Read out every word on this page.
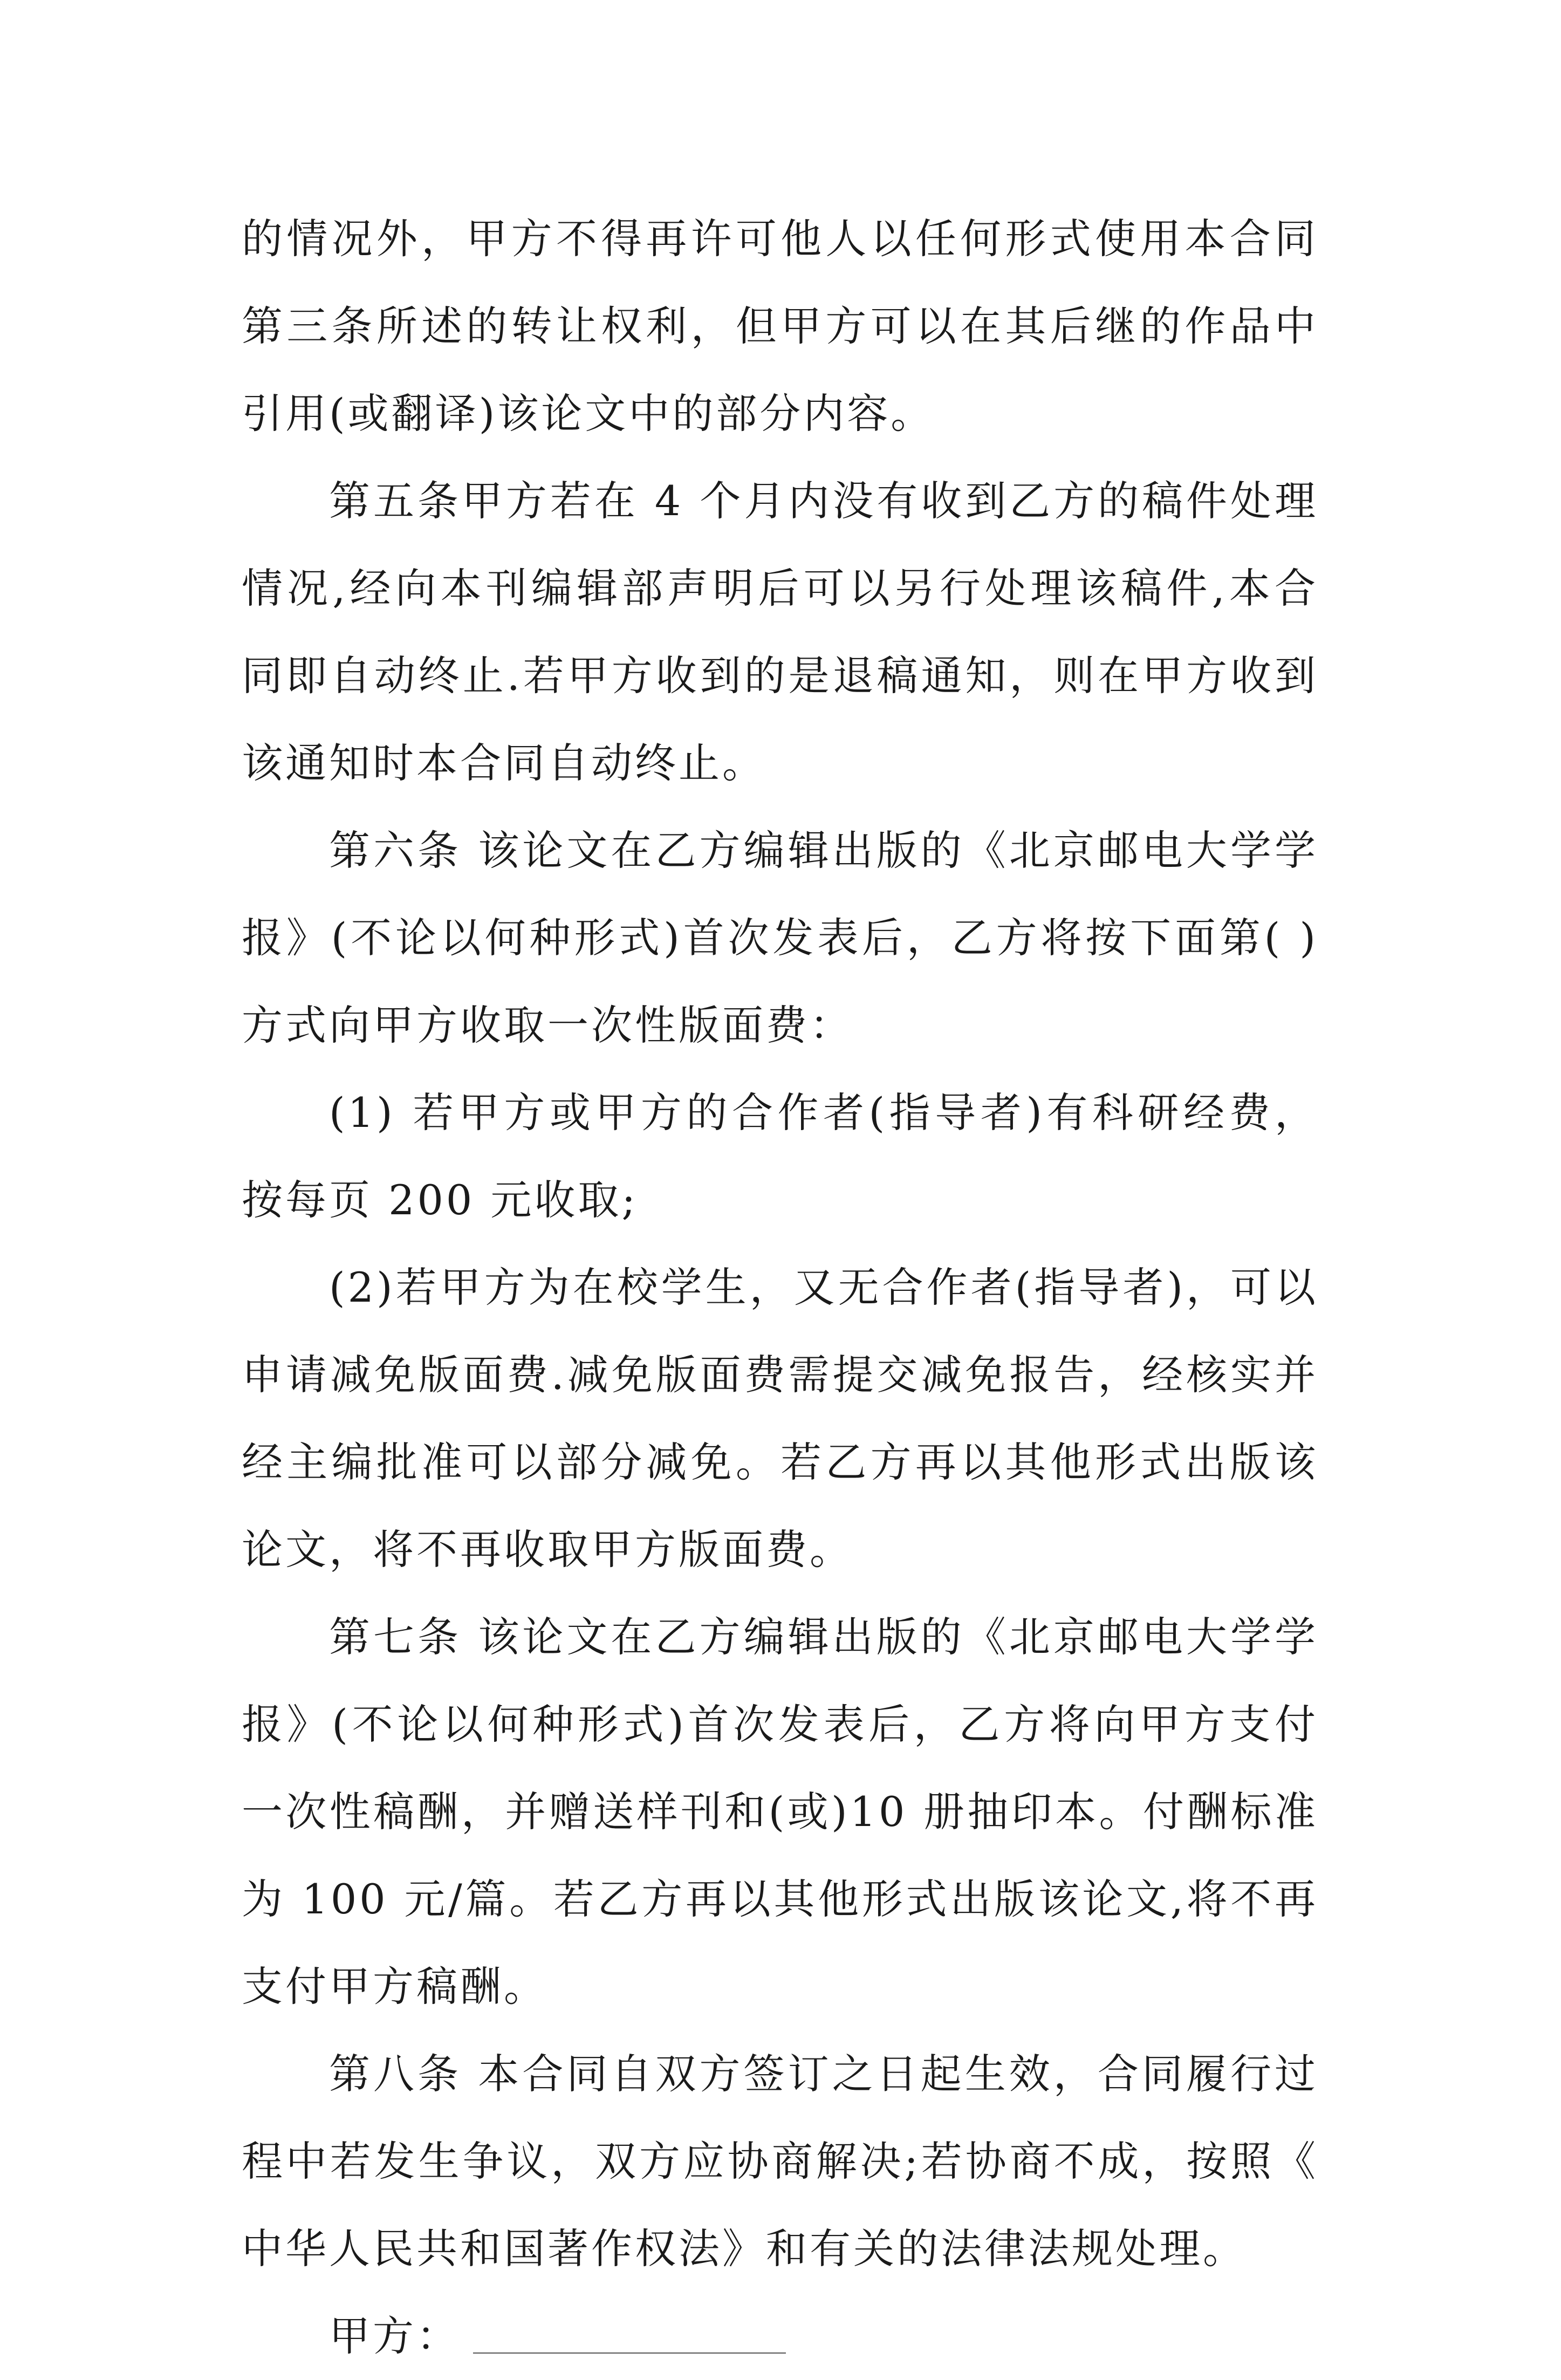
的情况外，甲方不得再许可他人以任何形式使用本合同第三条所述的转让权利，但甲方可以在其后继的作品中引用(或翻译)该论文中的部分内容。

第五条甲方若在 4 个月内没有收到乙方的稿件处理情况,经向本刊编辑部声明后可以另行处理该稿件,本合同即自动终止.若甲方收到的是退稿通知，则在甲方收到该通知时本合同自动终止。

第六条 该论文在乙方编辑出版的《北京邮电大学学报》(不论以何种形式)首次发表后，乙方将按下面第( )方式向甲方收取一次性版面费：

(1) 若甲方或甲方的合作者(指导者)有科研经费，按每页 200 元收取;

(2)若甲方为在校学生，又无合作者(指导者)，可以申请减免版面费.减免版面费需提交减免报告，经核实并经主编批准可以部分减免。若乙方再以其他形式出版该论文，将不再收取甲方版面费。

第七条 该论文在乙方编辑出版的《北京邮电大学学报》(不论以何种形式)首次发表后，乙方将向甲方支付一次性稿酬，并赠送样刊和(或)10 册抽印本。付酬标准为 100 元/篇。若乙方再以其他形式出版该论文,将不再支付甲方稿酬。

第八条 本合同自双方签订之日起生效，合同履行过程中若发生争议，双方应协商解决;若协商不成，按照《中华人民共和国著作权法》和有关的法律法规处理。

甲方：
